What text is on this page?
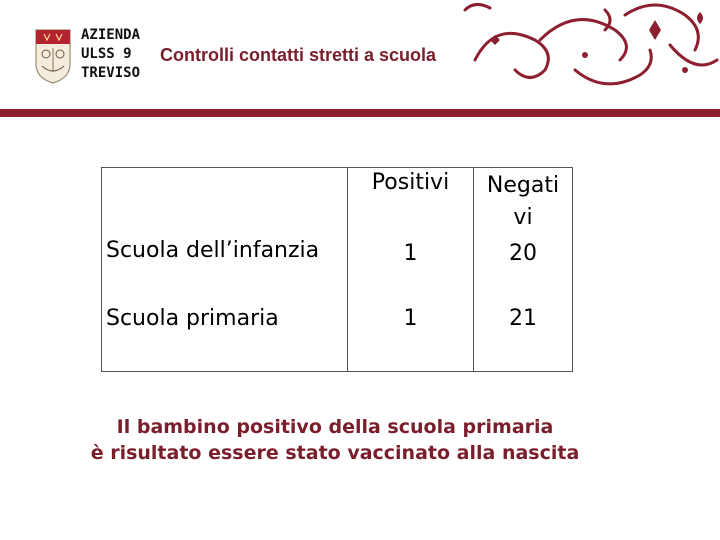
AZIENDA
ULSS 9
TREVISO
Controlli contatti stretti a scuola
	Positivi	Negati vi
Scuola dell’infanzia	1	20
Scuola primaria	1	21
Il bambino positivo della scuola primaria
è risultato essere stato vaccinato alla nascita
